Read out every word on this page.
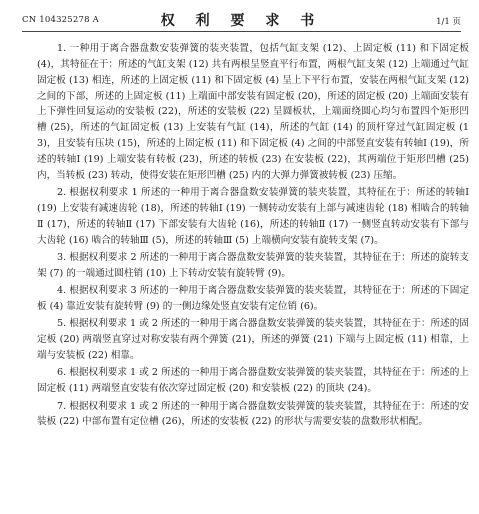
CN 104325278 A	权 利 要 求 书	1/1 页

1. 一种用于离合器盘数安装弹簧的装夹装置，包括气缸支架 (12)、上固定板 (11) 和下固定板 (4)，其特征在于：所述的气缸支架 (12) 共有两根呈竖直平行布置，两根气缸支架 (12) 上端通过气缸固定板 (13) 相连，所述的上固定板 (11) 和下固定板 (4) 呈上下平行布置，安装在两根气缸支架 (12) 之间的下部，所述的上固定板 (11) 上端面中部安装有固定板 (20)，所述的固定板 (20) 上端面安装有上下弹性回复运动的安装板 (22)，所述的安装板 (22) 呈圆板状，上端面绕圆心均匀布置四个矩形凹槽 (25)，所述的气缸固定板 (13) 上安装有气缸 (14)，所述的气缸 (14) 的顶杆穿过气缸固定板 (13)，且安装有压块 (15)，所述的上固定板 (11) 和下固定板 (4) 之间的中部竖直安装有转轴Ⅰ (19)，所述的转轴Ⅰ (19) 上端安装有转板 (23)，所述的转板 (23) 在安装板 (22)，其两端位于矩形凹槽 (25) 内，当转板 (23) 转动，使得安装在矩形凹槽 (25) 内的大弹力弹簧被转板 (23) 压缩。

2. 根据权利要求 1 所述的一种用于离合器盘数安装弹簧的装夹装置，其特征在于：所述的转轴Ⅰ (19) 上安装有减速齿轮 (18)，所述的转轴Ⅰ (19) 一侧转动安装有上部与减速齿轮 (18) 相啮合的转轴Ⅱ (17)，所述的转轴Ⅱ (17) 下部安装有大齿轮 (16)，所述的转轴Ⅱ (17) 一侧竖直转动安装有下部与大齿轮 (16) 啮合的转轴Ⅲ (5)，所述的转轴Ⅲ (5) 上端横向安装有旋转支架 (7)。

3. 根据权利要求 2 所述的一种用于离合器盘数安装弹簧的装夹装置，其特征在于：所述的旋转支架 (7) 的一端通过圆柱销 (10) 上下转动安装有旋转臂 (9)。

4. 根据权利要求 3 所述的一种用于离合器盘数安装弹簧的装夹装置，其特征在于：所述的下固定板 (4) 靠近安装有旋转臂 (9) 的一侧边缘处竖直安装有定位销 (6)。

5. 根据权利要求 1 或 2 所述的一种用于离合器盘数安装弹簧的装夹装置，其特征在于：所述的固定板 (20) 两端竖直穿过对称安装有两个弹簧 (21)，所述的弹簧 (21) 下端与上固定板 (11) 相靠，上端与安装板 (22) 相靠。

6. 根据权利要求 1 或 2 所述的一种用于离合器盘数安装弹簧的装夹装置，其特征在于：所述的上固定板 (11) 两端竖直安装有依次穿过固定板 (20) 和安装板 (22) 的顶块 (24)。

7. 根据权利要求 1 或 2 所述的一种用于离合器盘数安装弹簧的装夹装置，其特征在于：所述的安装板 (22) 中部布置有定位槽 (26)，所述的安装板 (22) 的形状与需要安装的盘数形状相配。
